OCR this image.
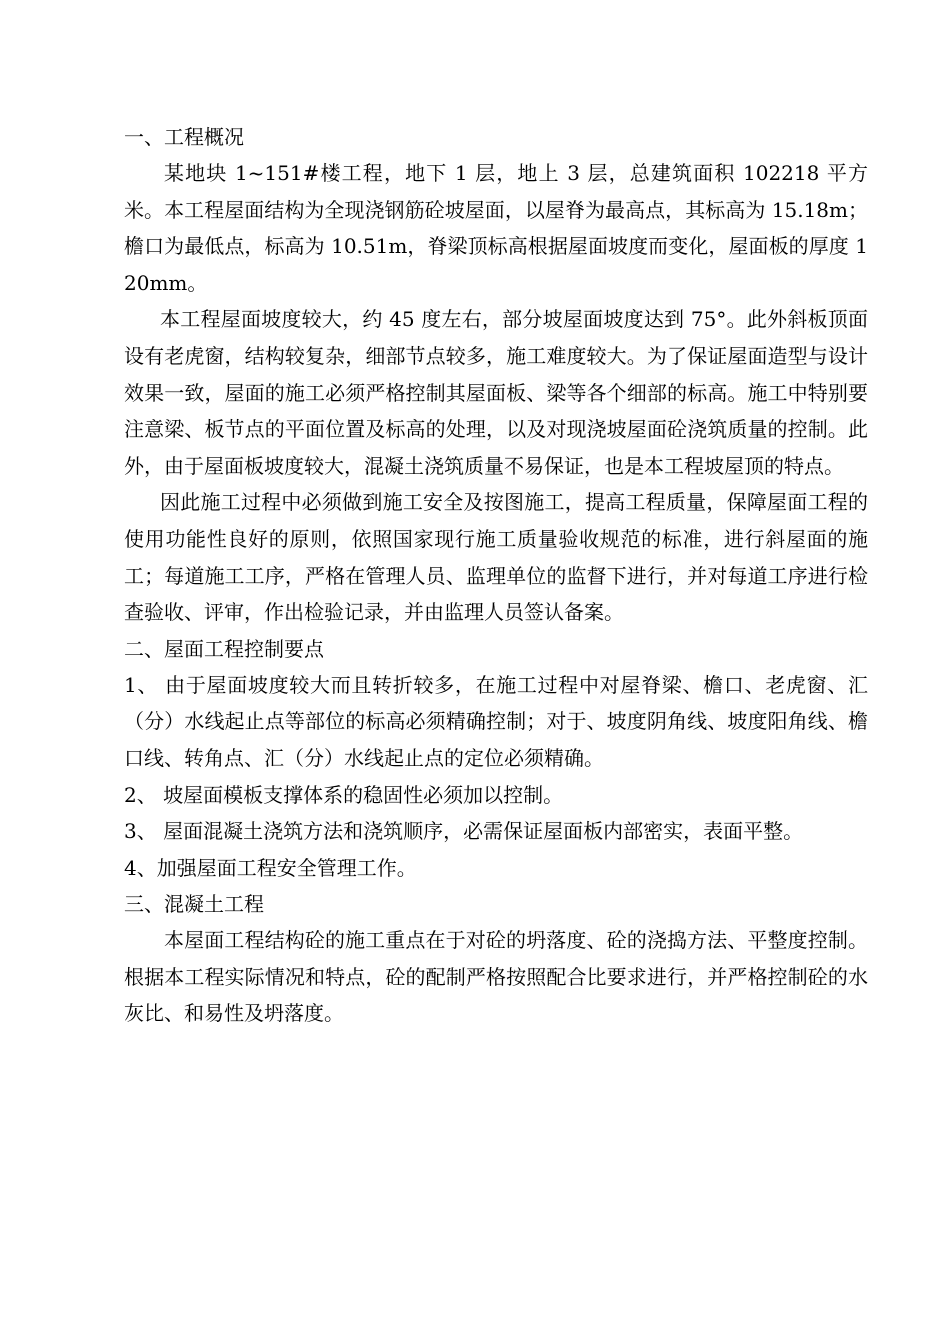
一、工程概况

某地块 1~151#楼工程，地下 1 层，地上 3 层，总建筑面积 102218 平方米。本工程屋面结构为全现浇钢筋砼坡屋面，以屋脊为最高点，其标高为 15.18m；檐口为最低点，标高为 10.51m，脊梁顶标高根据屋面坡度而变化，屋面板的厚度 120mm。

本工程屋面坡度较大，约 45 度左右，部分坡屋面坡度达到 75°。此外斜板顶面设有老虎窗，结构较复杂，细部节点较多，施工难度较大。为了保证屋面造型与设计效果一致，屋面的施工必须严格控制其屋面板、梁等各个细部的标高。施工中特别要注意梁、板节点的平面位置及标高的处理，以及对现浇坡屋面砼浇筑质量的控制。此外，由于屋面板坡度较大，混凝土浇筑质量不易保证，也是本工程坡屋顶的特点。

因此施工过程中必须做到施工安全及按图施工，提高工程质量，保障屋面工程的使用功能性良好的原则，依照国家现行施工质量验收规范的标准，进行斜屋面的施工；每道施工工序，严格在管理人员、监理单位的监督下进行，并对每道工序进行检查验收、评审，作出检验记录，并由监理人员签认备案。

二、屋面工程控制要点

1、 由于屋面坡度较大而且转折较多，在施工过程中对屋脊梁、檐口、老虎窗、汇（分）水线起止点等部位的标高必须精确控制；对于、坡度阴角线、坡度阳角线、檐口线、转角点、汇（分）水线起止点的定位必须精确。

2、 坡屋面模板支撑体系的稳固性必须加以控制。

3、 屋面混凝土浇筑方法和浇筑顺序，必需保证屋面板内部密实，表面平整。

4、加强屋面工程安全管理工作。

三、混凝土工程

本屋面工程结构砼的施工重点在于对砼的坍落度、砼的浇捣方法、平整度控制。根据本工程实际情况和特点，砼的配制严格按照配合比要求进行，并严格控制砼的水灰比、和易性及坍落度。
